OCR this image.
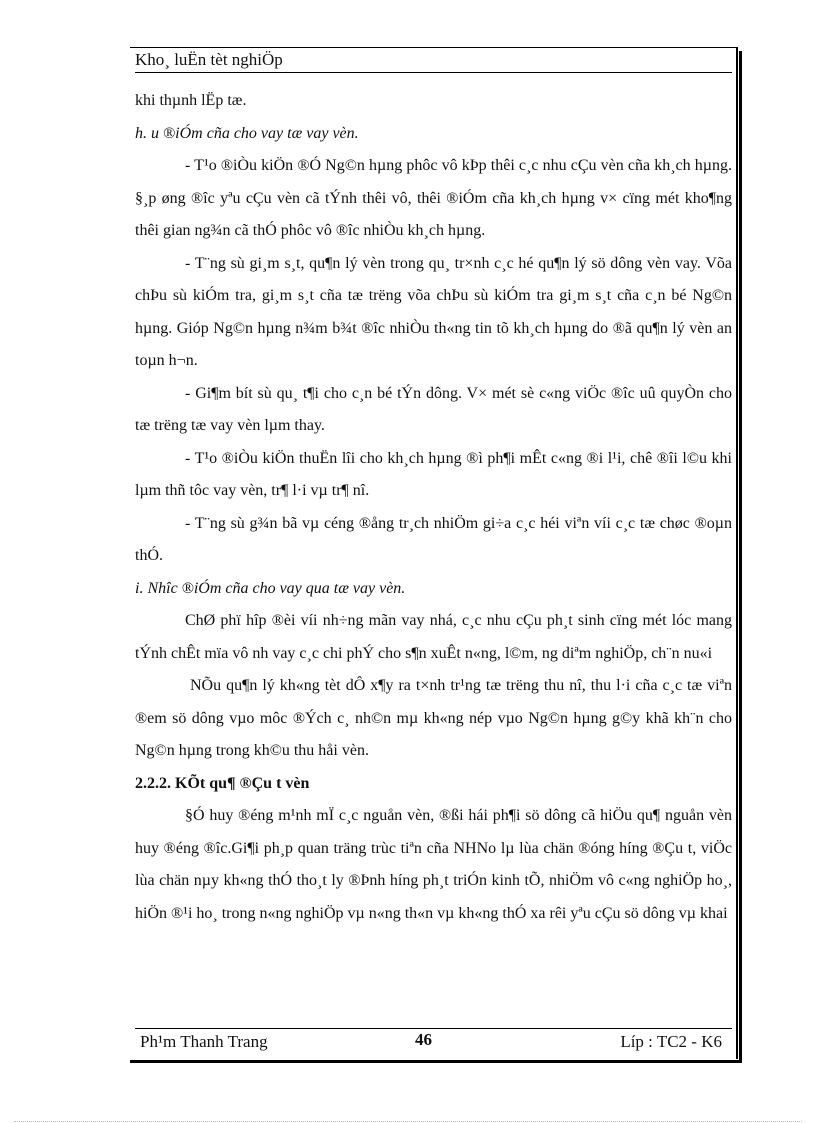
Kho¸ luËn tèt nghiÖp

khi thµnh lËp tæ.

h. u ®iÓm cña cho vay tæ vay vèn.

- T¹o ®iÒu kiÖn ®Ó Ng©n hµng phôc vô kÞp thêi c¸c nhu cÇu vèn cña kh¸ch hµng. §¸p øng ®îc yªu cÇu vèn cã tÝnh thêi vô, thêi ®iÓm cña kh¸ch hµng v× cïng mét kho¶ng thêi gian ng¾n cã thÓ phôc vô ®îc nhiÒu kh¸ch hµng.

- T¨ng sù gi¸m s¸t, qu¶n lý vèn trong qu¸ tr×nh c¸c hé qu¶n lý sö dông vèn vay. Võa chÞu sù kiÓm tra, gi¸m s¸t cña tæ trëng võa chÞu sù kiÓm tra gi¸m s¸t cña c¸n bé Ng©n hµng. Gióp Ng©n hµng n¾m b¾t ®îc nhiÒu th«ng tin tõ kh¸ch hµng do ®ã qu¶n lý vèn an toµn h¬n.

- Gi¶m bít sù qu¸ t¶i cho c¸n bé tÝn dông. V× mét sè c«ng viÖc ®îc uû quyÒn cho tæ trëng tæ vay vèn lµm thay.

- T¹o ®iÒu kiÖn thuËn lîi cho kh¸ch hµng ®ì ph¶i mÊt c«ng ®i l¹i, chê ®îi l©u khi lµm thñ tôc vay vèn, tr¶ l·i vµ tr¶ nî.

- T¨ng sù g¾n bã vµ céng ®ång tr¸ch nhiÖm gi÷a c¸c héi viªn víi c¸c tæ chøc ®oµn thÓ.

i. Nhîc ®iÓm cña cho vay qua tæ vay vèn.

ChØ phï hîp ®èi víi nh÷ng mãn vay nhá, c¸c nhu cÇu ph¸t sinh cïng mét lóc mang tÝnh chÊt mïa vô nh vay c¸c chi phÝ cho s¶n xuÊt n«ng, l©m, ng diªm nghiÖp, ch¨n nu«i

NÕu qu¶n lý kh«ng tèt dÔ x¶y ra t×nh tr¹ng tæ trëng thu nî, thu l·i cña c¸c tæ viªn ®em sö dông vµo môc ®Ých c¸ nh©n mµ kh«ng nép vµo Ng©n hµng g©y khã kh¨n cho Ng©n hµng trong kh©u thu håi vèn.

2.2.2. KÕt qu¶ ®Çu t vèn

§Ó huy ®éng m¹nh mÏ c¸c nguån vèn, ®ßi hái ph¶i sö dông cã hiÖu qu¶ nguån vèn huy ®éng ®îc.Gi¶i ph¸p quan träng trùc tiªn cña NHNo lµ lùa chän ®óng híng ®Çu t, viÖc lùa chän nµy kh«ng thÓ tho¸t ly ®Þnh híng ph¸t triÓn kinh tÕ, nhiÖm vô c«ng nghiÖp ho¸, hiÖn ®¹i ho¸ trong n«ng nghiÖp vµ n«ng th«n vµ kh«ng thÓ xa rêi yªu cÇu sö dông vµ khai

Ph¹m Thanh Trang	46	Líp : TC2 - K6
